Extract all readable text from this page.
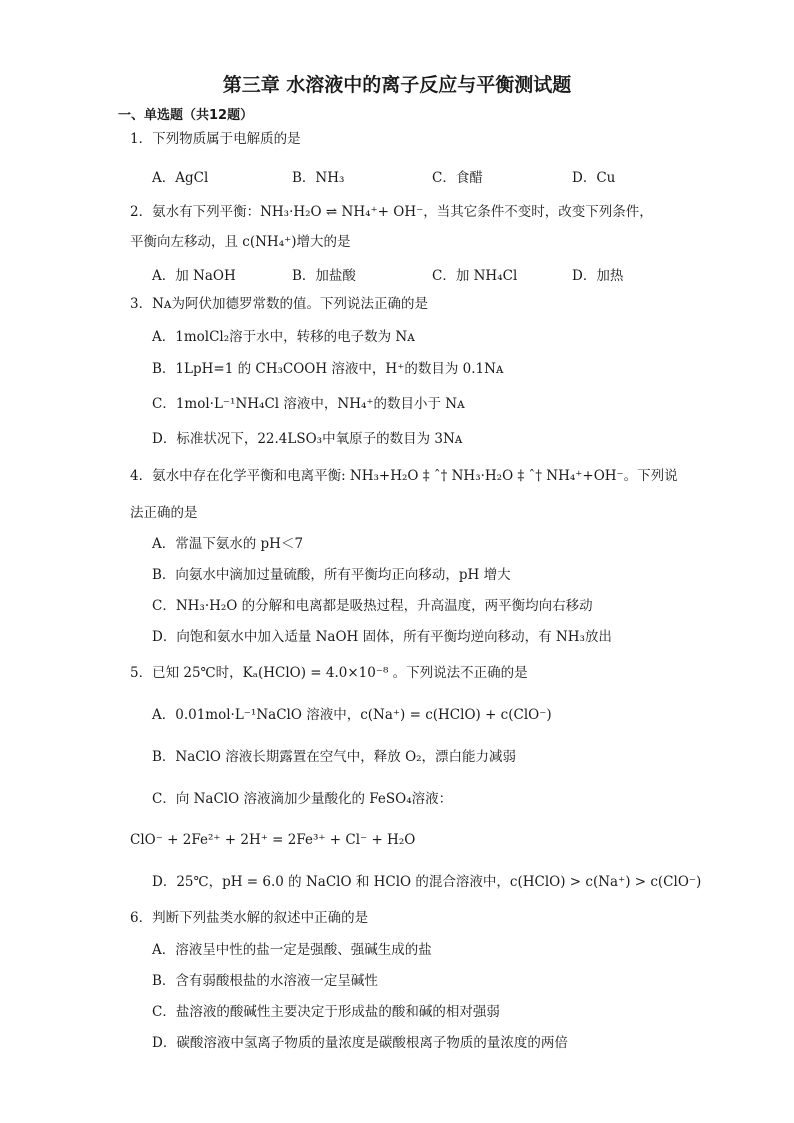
第三章 水溶液中的离子反应与平衡测试题
一、单选题（共12题）
1．下列物质属于电解质的是
A．AgCl	B．NH₃	C．食醋	D．Cu
2．氨水有下列平衡：NH₃·H₂O ⇌ NH₄⁺+ OH⁻，当其它条件不变时，改变下列条件，
平衡向左移动，且 c(NH₄⁺)增大的是
A．加 NaOH	B．加盐酸	C．加 NH₄Cl	D．加热
3．Nᴀ为阿伏加德罗常数的值。下列说法正确的是
A．1molCl₂溶于水中，转移的电子数为 Nᴀ
B．1LpH=1 的 CH₃COOH 溶液中，H⁺的数目为 0.1Nᴀ
C．1mol·L⁻¹NH₄Cl 溶液中，NH₄⁺的数目小于 Nᴀ
D．标准状况下，22.4LSO₃中氧原子的数目为 3Nᴀ
4．氨水中存在化学平衡和电离平衡: NH₃+H₂O ‡ ˆ† NH₃·H₂O ‡ ˆ† NH₄⁺+OH⁻。下列说
法正确的是
A．常温下氨水的 pH＜7
B．向氨水中滴加过量硫酸，所有平衡均正向移动，pH 增大
C．NH₃·H₂O 的分解和电离都是吸热过程，升高温度，两平衡均向右移动
D．向饱和氨水中加入适量 NaOH 固体，所有平衡均逆向移动，有 NH₃放出
5．已知 25℃时，Kₐ(HClO) = 4.0×10⁻⁸ 。下列说法不正确的是
A．0.01mol·L⁻¹NaClO 溶液中，c(Na⁺) = c(HClO) + c(ClO⁻)
B．NaClO 溶液长期露置在空气中，释放 O₂，漂白能力减弱
C．向 NaClO 溶液滴加少量酸化的 FeSO₄溶液：
ClO⁻ + 2Fe²⁺ + 2H⁺ = 2Fe³⁺ + Cl⁻ + H₂O
D．25℃，pH = 6.0 的 NaClO 和 HClO 的混合溶液中，c(HClO) > c(Na⁺) > c(ClO⁻)
6．判断下列盐类水解的叙述中正确的是
A．溶液呈中性的盐一定是强酸、强碱生成的盐
B．含有弱酸根盐的水溶液一定呈碱性
C．盐溶液的酸碱性主要决定于形成盐的酸和碱的相对强弱
D．碳酸溶液中氢离子物质的量浓度是碳酸根离子物质的量浓度的两倍
